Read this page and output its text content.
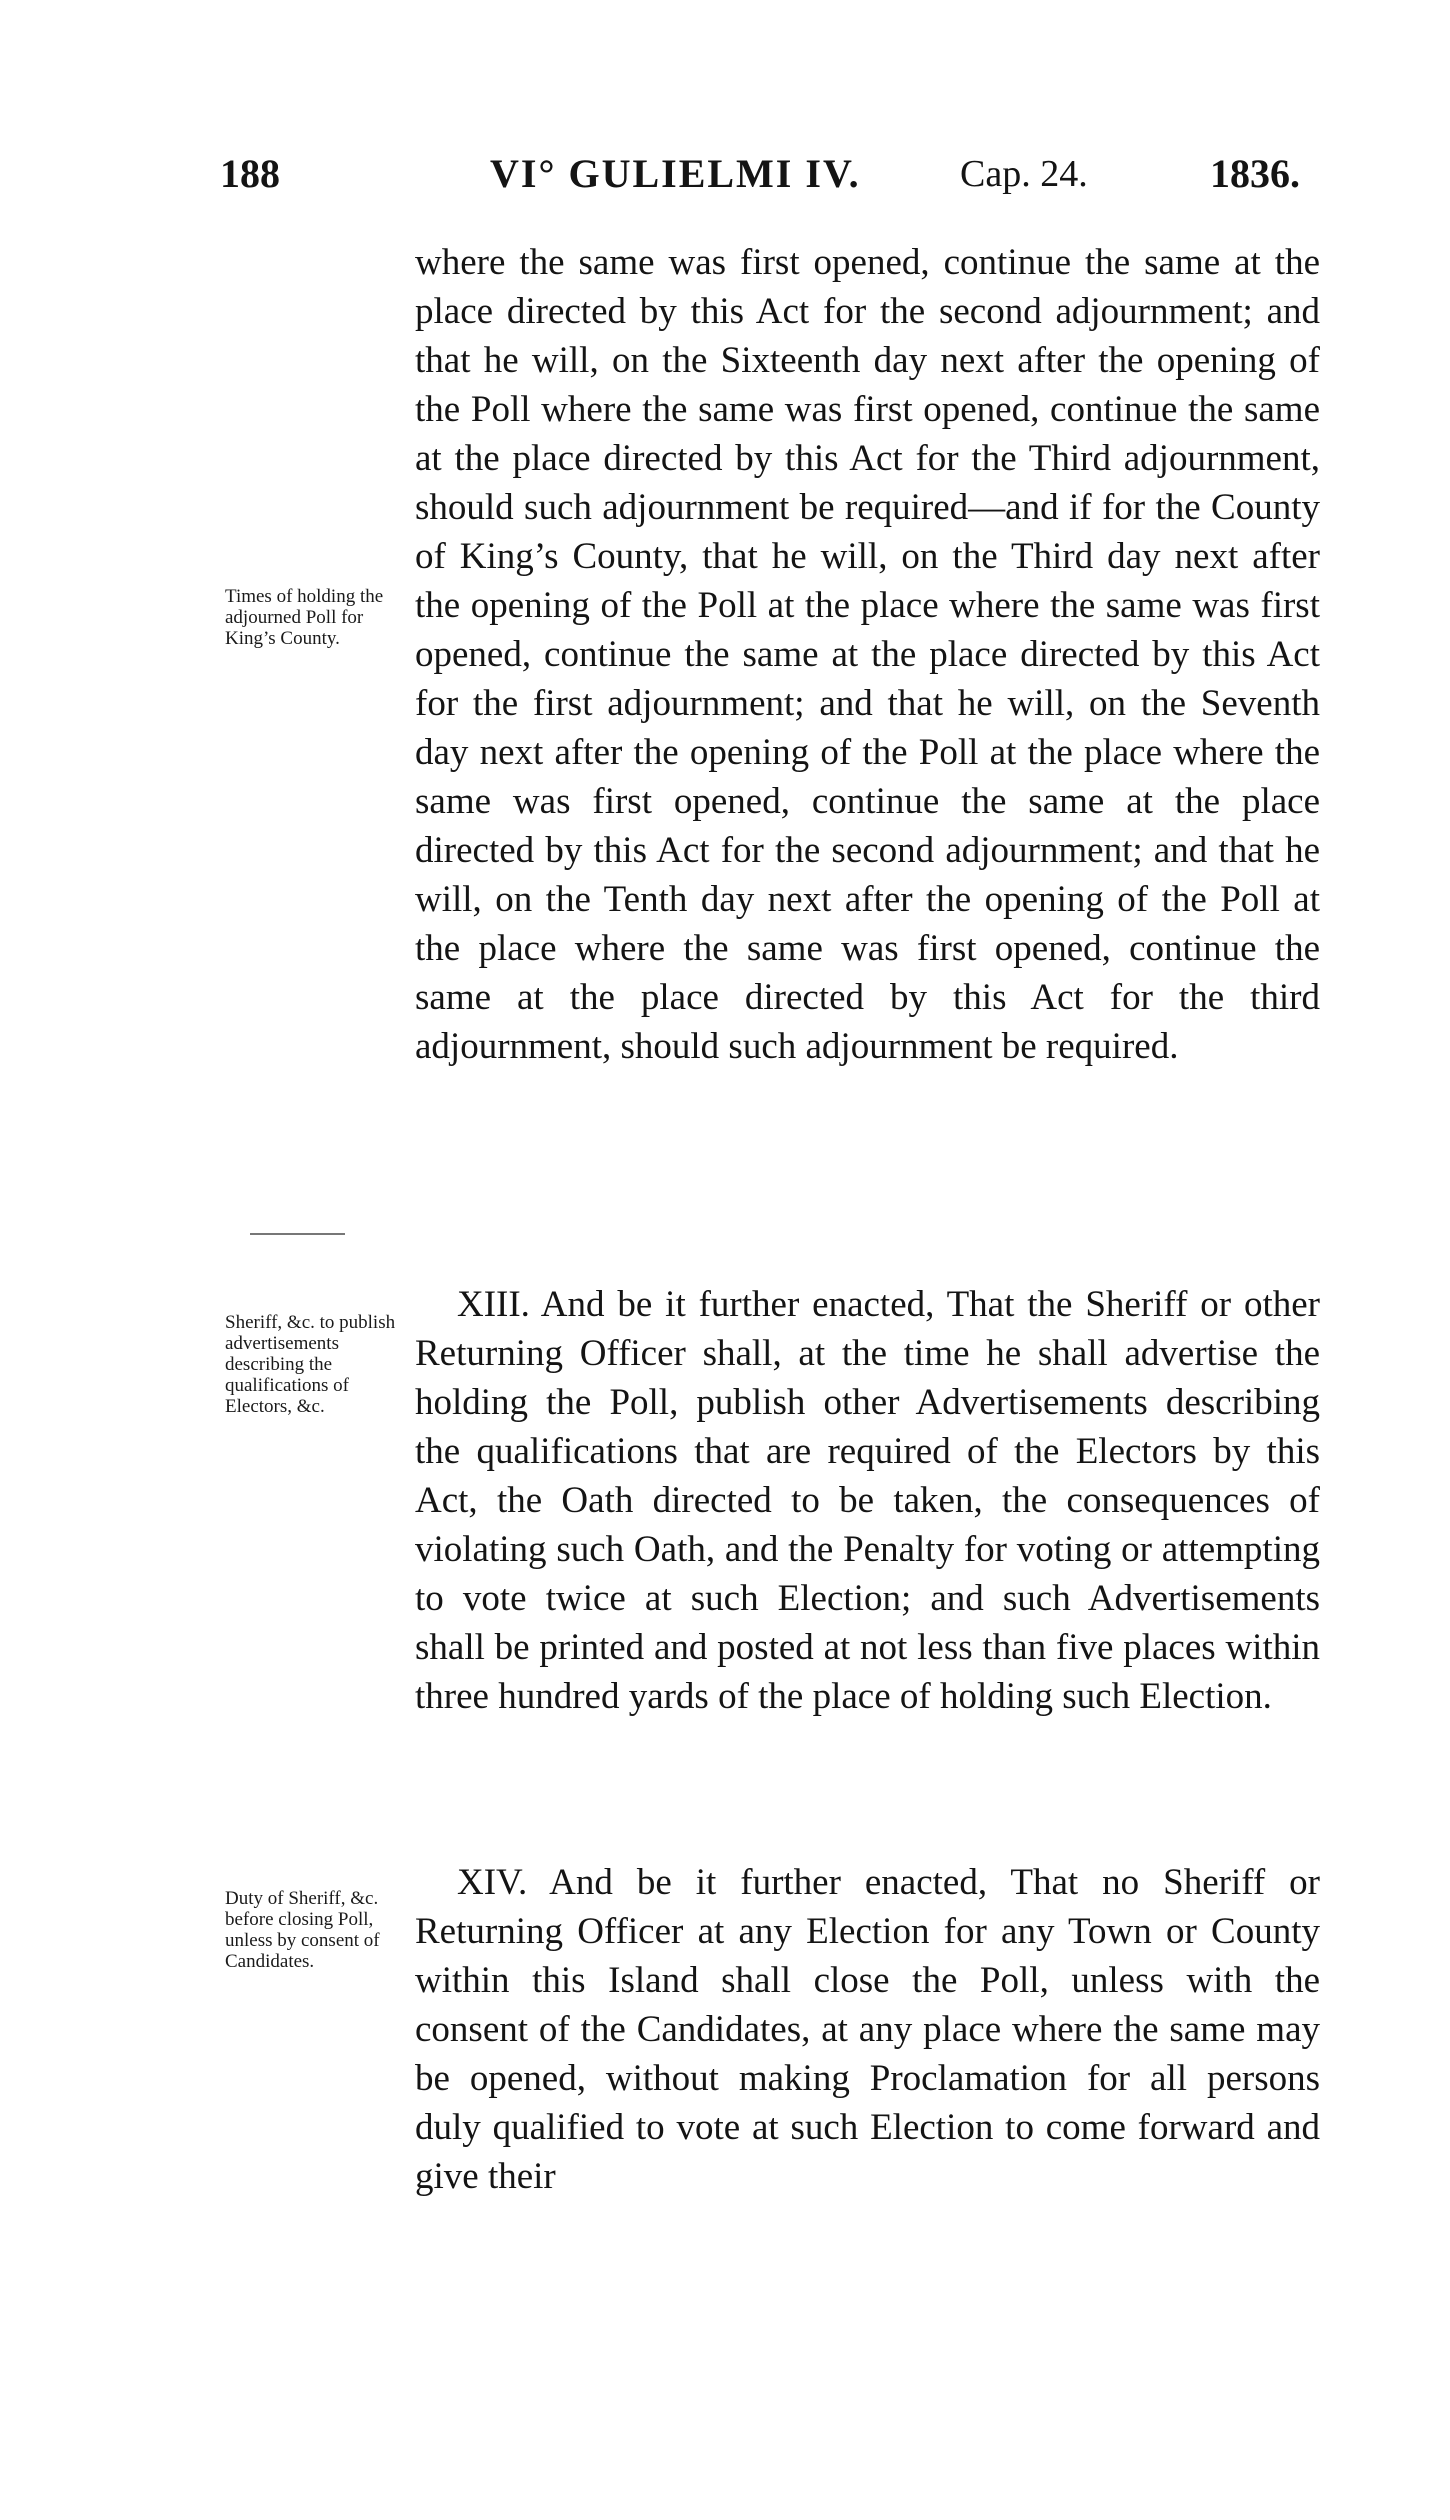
188	VI° GULIELMI IV.	Cap. 24.	1836.
Times of holding the adjourned Poll for King’s County.

where the same was first opened, continue the same at the place directed by this Act for the second adjournment; and that he will, on the Sixteenth day next after the opening of the Poll where the same was first opened, continue the same at the place directed by this Act for the Third adjournment, should such adjournment be required—and if for the County of King’s County, that he will, on the Third day next after the opening of the Poll at the place where the same was first opened, continue the same at the place directed by this Act for the first adjournment; and that he will, on the Seventh day next after the opening of the Poll at the place where the same was first opened, continue the same at the place directed by this Act for the second adjournment; and that he will, on the Tenth day next after the opening of the Poll at the place where the same was first opened, continue the same at the place directed by this Act for the third adjournment, should such adjournment be required.

Sheriff, &c. to publish advertisements describing the qualifications of Electors, &c.

XIII. And be it further enacted, That the Sheriff or other Returning Officer shall, at the time he shall advertise the holding the Poll, publish other Advertisements describing the qualifications that are required of the Electors by this Act, the Oath directed to be taken, the consequences of violating such Oath, and the Penalty for voting or attempting to vote twice at such Election; and such Advertisements shall be printed and posted at not less than five places within three hundred yards of the place of holding such Election.

Duty of Sheriff, &c. before closing Poll, unless by consent of Candidates.

XIV. And be it further enacted, That no Sheriff or Returning Officer at any Election for any Town or County within this Island shall close the Poll, unless with the consent of the Candidates, at any place where the same may be opened, without making Proclamation for all persons duly qualified to vote at such Election to come forward and give their
